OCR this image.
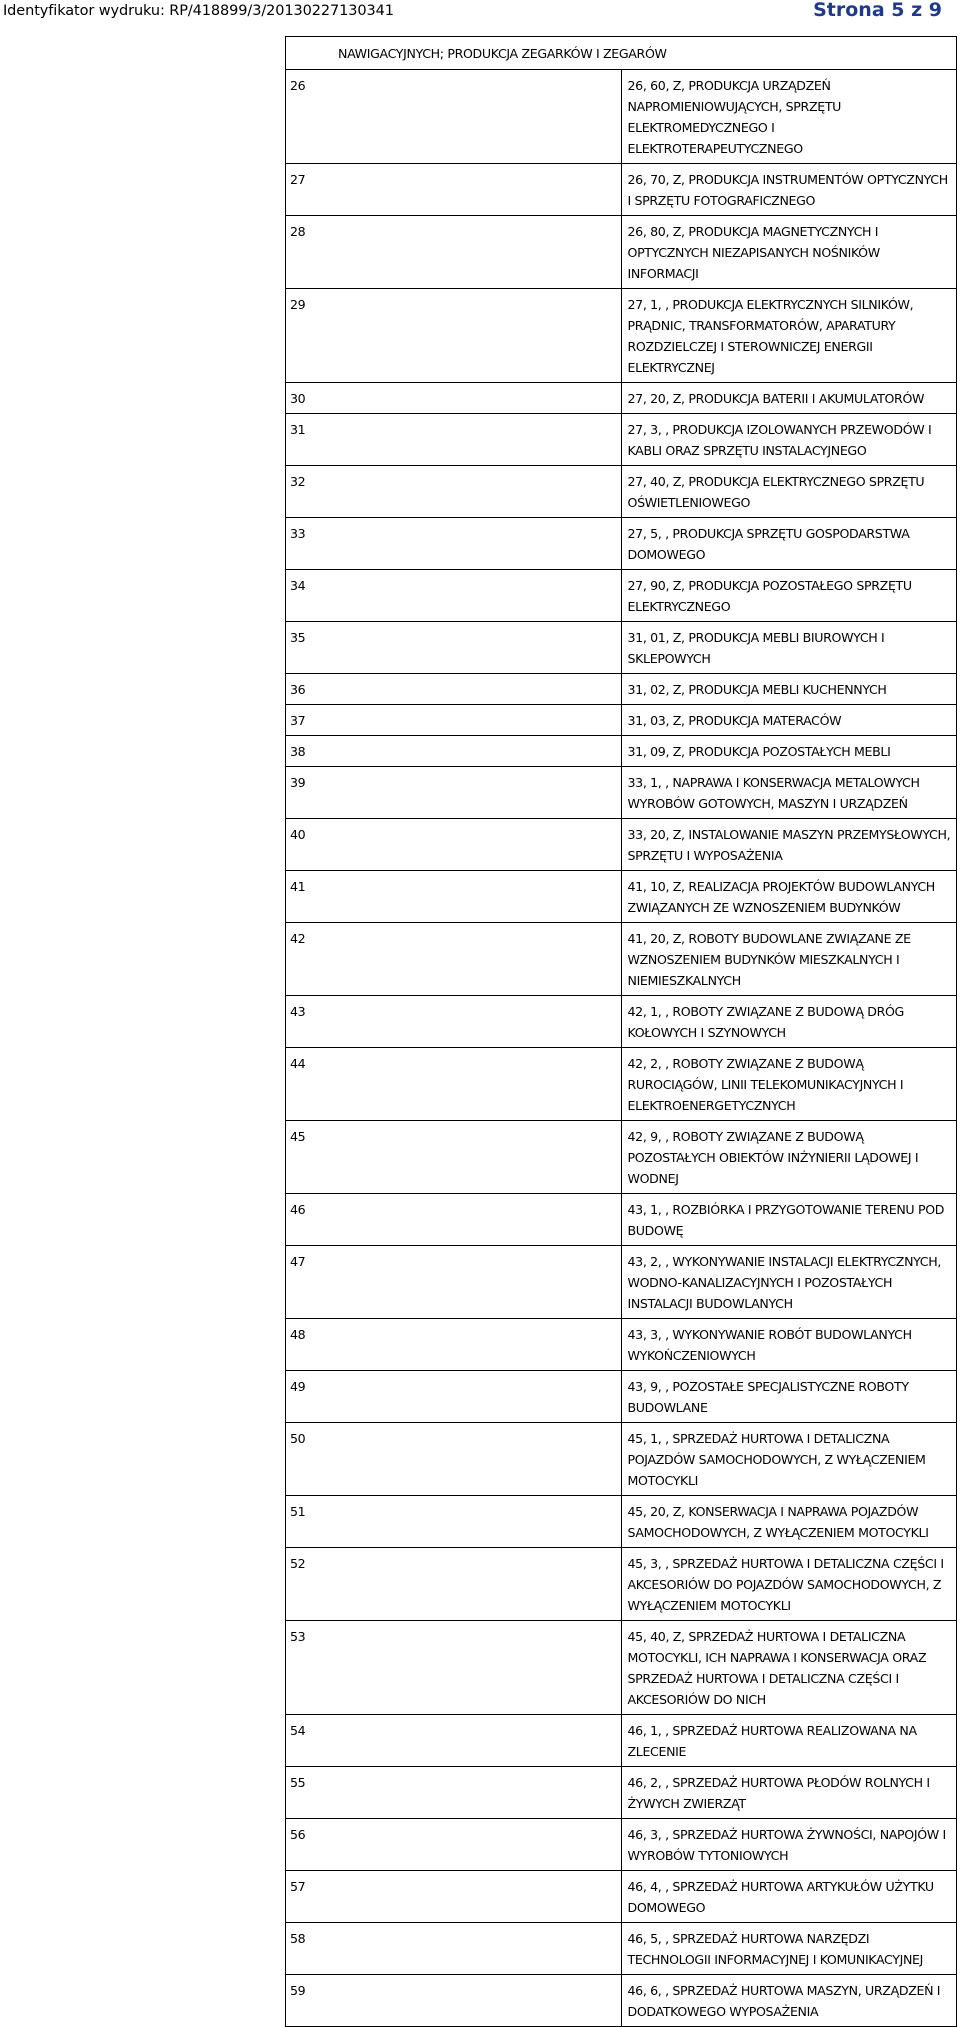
Identyfikator wydruku: RP/418899/3/20130227130341	Strona 5 z 9
NAWIGACYJNYCH; PRODUKCJA ZEGARKÓW I ZEGARÓW	
26	26, 60, Z, PRODUKCJA URZĄDZEŃ NAPROMIENIOWUJĄCYCH, SPRZĘTU ELEKTROMEDYCZNEGO I ELEKTROTERAPEUTYCZNEGO
27	26, 70, Z, PRODUKCJA INSTRUMENTÓW OPTYCZNYCH I SPRZĘTU FOTOGRAFICZNEGO
28	26, 80, Z, PRODUKCJA MAGNETYCZNYCH I OPTYCZNYCH NIEZAPISANYCH NOŚNIKÓW INFORMACJI
29	27, 1, , PRODUKCJA ELEKTRYCZNYCH SILNIKÓW, PRĄDNIC, TRANSFORMATORÓW, APARATURY ROZDZIELCZEJ I STEROWNICZEJ ENERGII ELEKTRYCZNEJ
30	27, 20, Z, PRODUKCJA BATERII I AKUMULATORÓW
31	27, 3, , PRODUKCJA IZOLOWANYCH PRZEWODÓW I KABLI ORAZ SPRZĘTU INSTALACYJNEGO
32	27, 40, Z, PRODUKCJA ELEKTRYCZNEGO SPRZĘTU OŚWIETLENIOWEGO
33	27, 5, , PRODUKCJA SPRZĘTU GOSPODARSTWA DOMOWEGO
34	27, 90, Z, PRODUKCJA POZOSTAŁEGO SPRZĘTU ELEKTRYCZNEGO
35	31, 01, Z, PRODUKCJA MEBLI BIUROWYCH I SKLEPOWYCH
36	31, 02, Z, PRODUKCJA MEBLI KUCHENNYCH
37	31, 03, Z, PRODUKCJA MATERACÓW
38	31, 09, Z, PRODUKCJA POZOSTAŁYCH MEBLI
39	33, 1, , NAPRAWA I KONSERWACJA METALOWYCH WYROBÓW GOTOWYCH, MASZYN I URZĄDZEŃ
40	33, 20, Z, INSTALOWANIE MASZYN PRZEMYSŁOWYCH, SPRZĘTU I WYPOSAŻENIA
41	41, 10, Z, REALIZACJA PROJEKTÓW BUDOWLANYCH ZWIĄZANYCH ZE WZNOSZENIEM BUDYNKÓW
42	41, 20, Z, ROBOTY BUDOWLANE ZWIĄZANE ZE WZNOSZENIEM BUDYNKÓW MIESZKALNYCH I NIEMIESZKALNYCH
43	42, 1, , ROBOTY ZWIĄZANE Z BUDOWĄ DRÓG KOŁOWYCH I SZYNOWYCH
44	42, 2, , ROBOTY ZWIĄZANE Z BUDOWĄ RUROCIĄGÓW, LINII TELEKOMUNIKACYJNYCH I ELEKTROENERGETYCZNYCH
45	42, 9, , ROBOTY ZWIĄZANE Z BUDOWĄ POZOSTAŁYCH OBIEKTÓW INŻYNIERII LĄDOWEJ I WODNEJ
46	43, 1, , ROZBIÓRKA I PRZYGOTOWANIE TERENU POD BUDOWĘ
47	43, 2, , WYKONYWANIE INSTALACJI ELEKTRYCZNYCH, WODNO-KANALIZACYJNYCH I POZOSTAŁYCH INSTALACJI BUDOWLANYCH
48	43, 3, , WYKONYWANIE ROBÓT BUDOWLANYCH WYKOŃCZENIOWYCH
49	43, 9, , POZOSTAŁE SPECJALISTYCZNE ROBOTY BUDOWLANE
50	45, 1, , SPRZEDAŻ HURTOWA I DETALICZNA POJAZDÓW SAMOCHODOWYCH, Z WYŁĄCZENIEM MOTOCYKLI
51	45, 20, Z, KONSERWACJA I NAPRAWA POJAZDÓW SAMOCHODOWYCH, Z WYŁĄCZENIEM MOTOCYKLI
52	45, 3, , SPRZEDAŻ HURTOWA I DETALICZNA CZĘŚCI I AKCESORIÓW DO POJAZDÓW SAMOCHODOWYCH, Z WYŁĄCZENIEM MOTOCYKLI
53	45, 40, Z, SPRZEDAŻ HURTOWA I DETALICZNA MOTOCYKLI, ICH NAPRAWA I KONSERWACJA ORAZ SPRZEDAŻ HURTOWA I DETALICZNA CZĘŚCI I AKCESORIÓW DO NICH
54	46, 1, , SPRZEDAŻ HURTOWA REALIZOWANA NA ZLECENIE
55	46, 2, , SPRZEDAŻ HURTOWA PŁODÓW ROLNYCH I ŻYWYCH ZWIERZĄT
56	46, 3, , SPRZEDAŻ HURTOWA ŻYWNOŚCI, NAPOJÓW I WYROBÓW TYTONIOWYCH
57	46, 4, , SPRZEDAŻ HURTOWA ARTYKUŁÓW UŻYTKU DOMOWEGO
58	46, 5, , SPRZEDAŻ HURTOWA NARZĘDZI TECHNOLOGII INFORMACYJNEJ I KOMUNIKACYJNEJ
59	46, 6, , SPRZEDAŻ HURTOWA MASZYN, URZĄDZEŃ I DODATKOWEGO WYPOSAŻENIA
